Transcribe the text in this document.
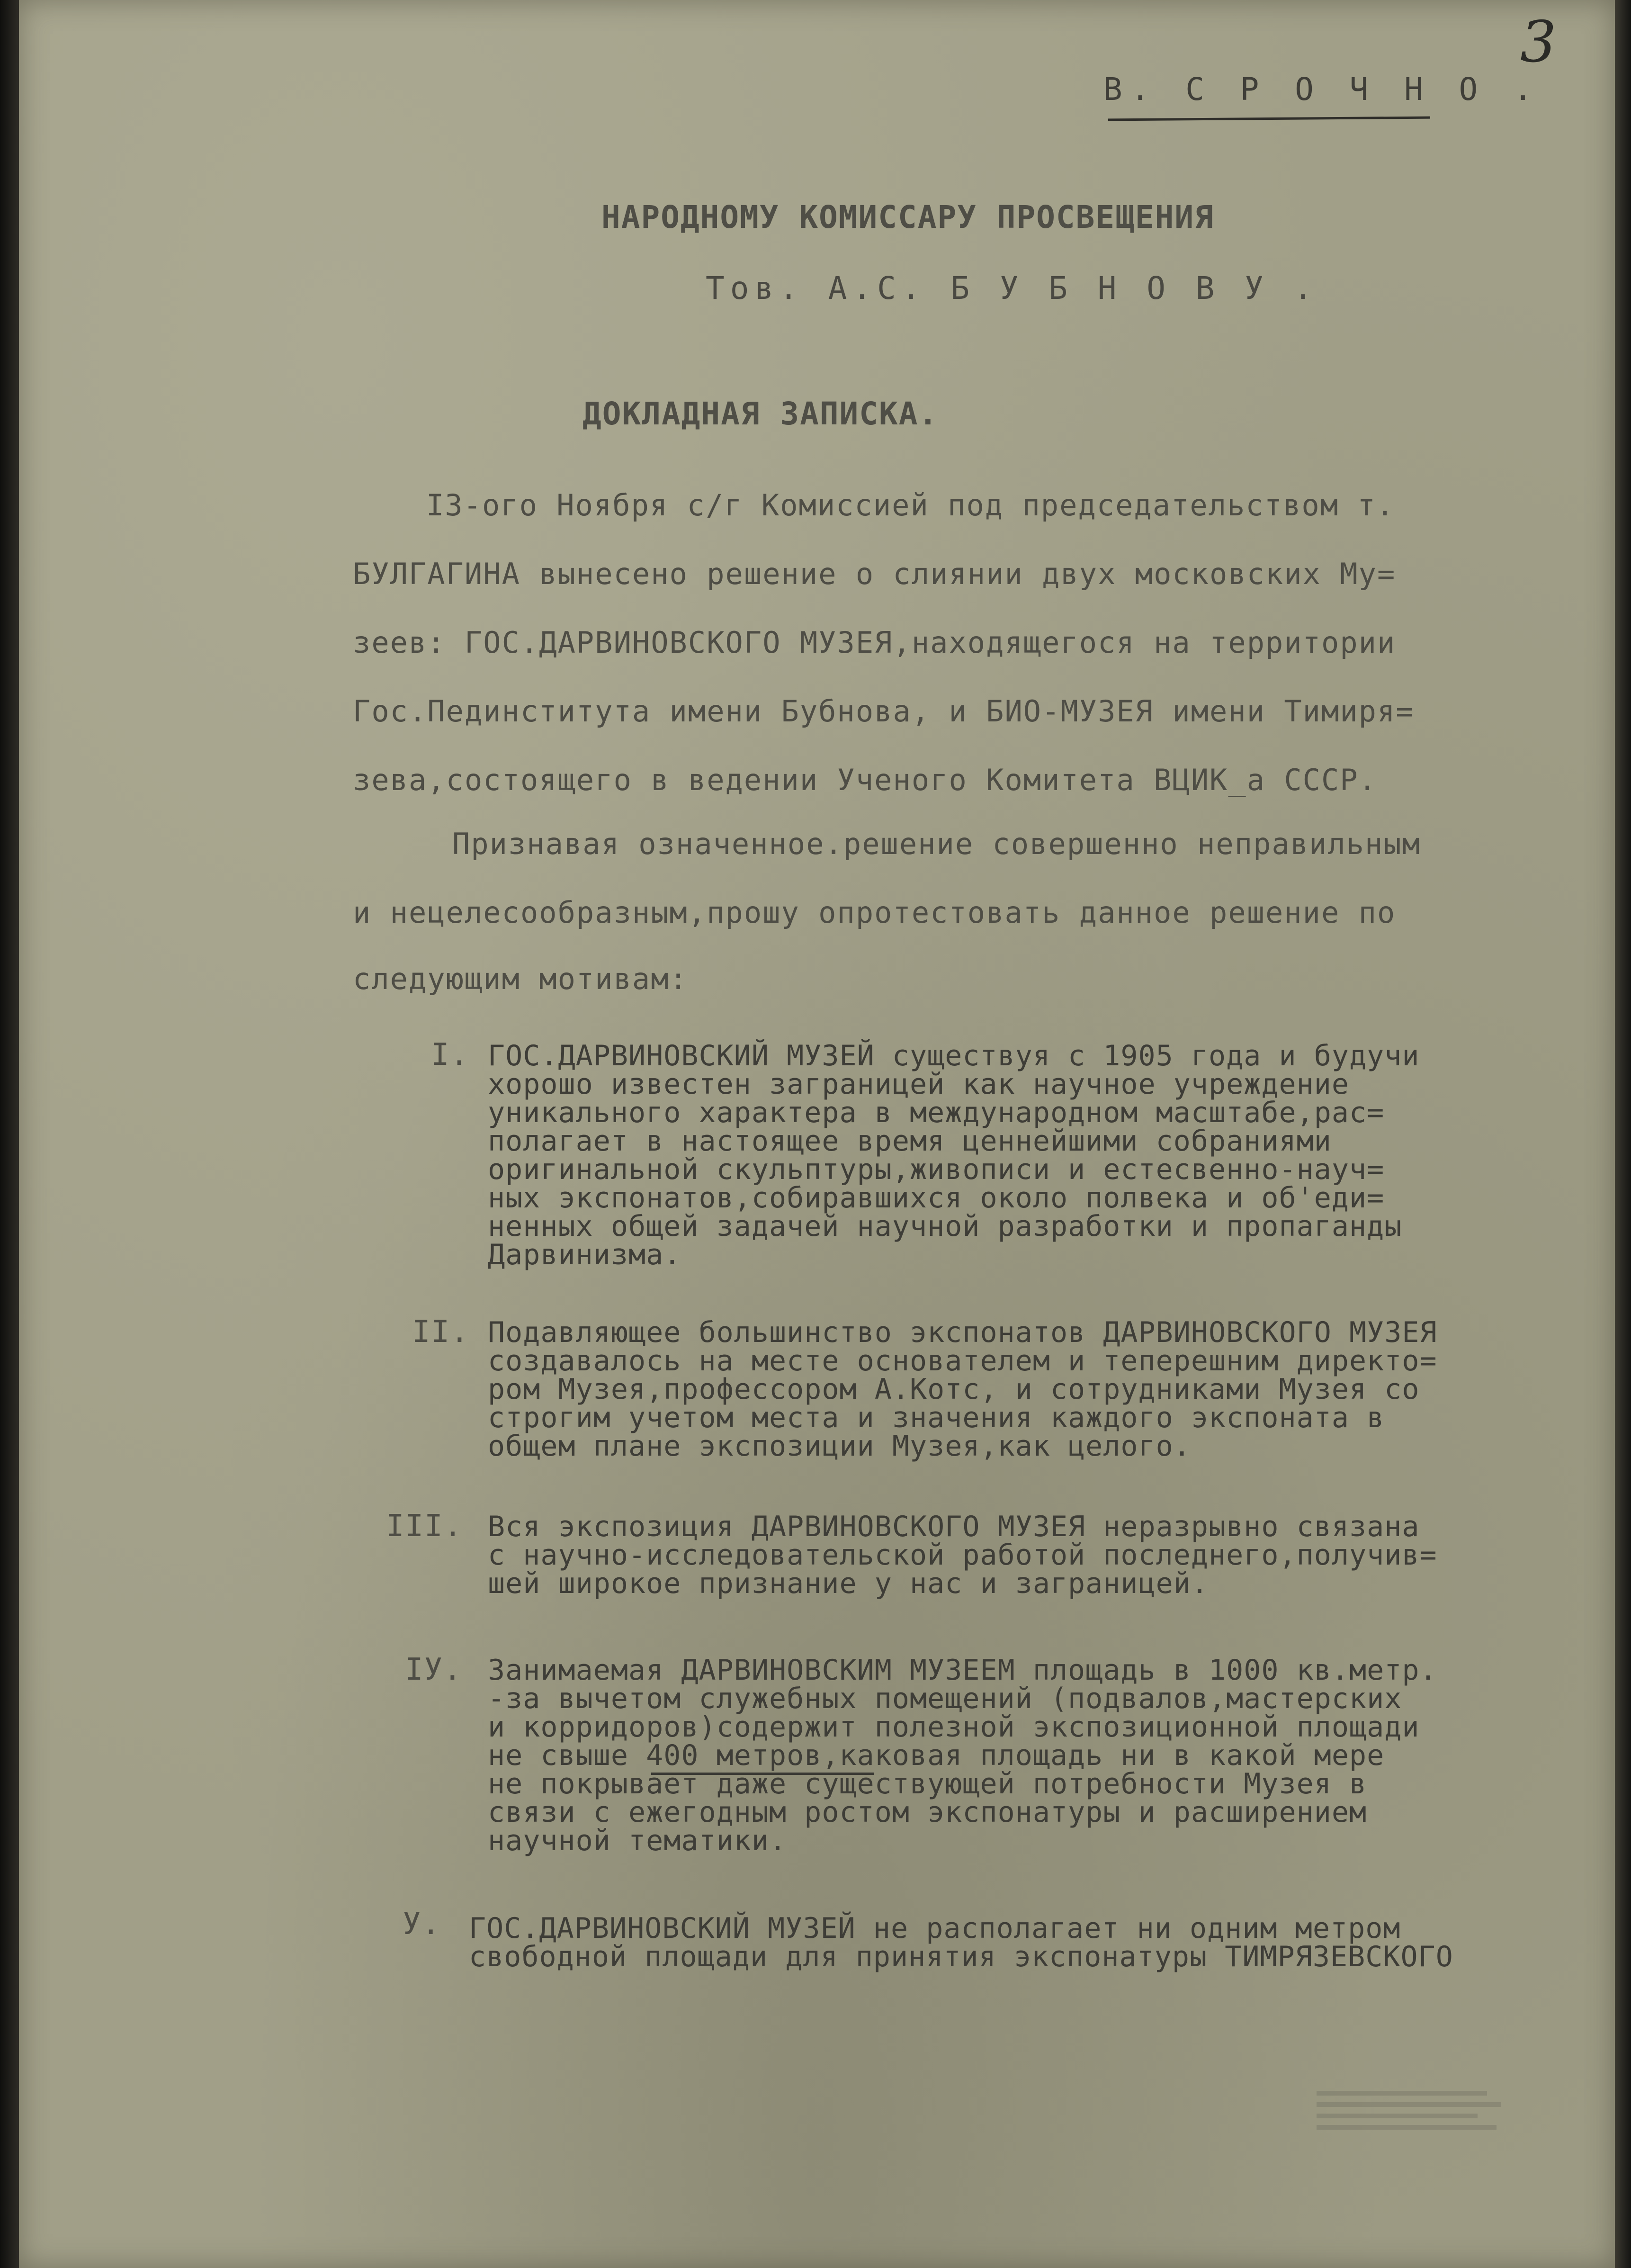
3
В. С Р О Ч Н О .
НАРОДНОМУ КОМИССАРУ ПРОСВЕЩЕНИЯ
Тов. А.С. Б У Б Н О В У .
ДОКЛАДНАЯ ЗАПИСКА.
I3-ого Ноября с/г Комиссией под председательством т.
БУЛГАГИНА вынесено решение о слиянии двух московских Му=
зеев: ГОС.ДАРВИНОВСКОГО МУЗЕЯ,находящегося на территории
Гос.Пединститута имени Бубнова, и БИО-МУЗЕЯ имени Тимиря=
зева,состоящего в ведении Ученого Комитета ВЦИК_а СССР.
Признавая означенное.решение совершенно неправильным
и нецелесообразным,прошу опротестовать данное решение по
следующим мотивам:
I. ГОС.ДАРВИНОВСКИЙ МУЗЕЙ существуя с 1905 года и будучи
хорошо известен заграницей как научное учреждение
уникального характера в международном масштабе,рас=
полагает в настоящее время ценнейшими собраниями
оригинальной скульптуры,живописи и естесвенно-науч=
ных экспонатов,собиравшихся около полвека и об'еди=
ненных общей задачей научной разработки и пропаганды
Дарвинизма.
II. Подавляющее большинство экспонатов ДАРВИНОВСКОГО МУЗЕЯ
создавалось на месте основателем и теперешним директо=
ром Музея,профессором А.Котс, и сотрудниками Музея со
строгим учетом места и значения каждого экспоната в
общем плане экспозиции Музея,как целого.
III. Вся экспозиция ДАРВИНОВСКОГО МУЗЕЯ неразрывно связана
с научно-исследовательской работой последнего,получив=
шей широкое признание у нас и заграницей.
IУ. Занимаемая ДАРВИНОВСКИМ МУЗЕЕМ площадь в 1000 кв.метр.
-за вычетом служебных помещений (подвалов,мастерских
и корридоров)содержит полезной экспозиционной площади
не свыше 400 метров,каковая площадь ни в какой мере
не покрывает даже существующей потребности Музея в
связи с ежегодным ростом экспонатуры и расширением
научной тематики.
У. ГОС.ДАРВИНОВСКИЙ МУЗЕЙ не располагает ни одним метром
свободной площади для принятия экспонатуры ТИМРЯЗЕВСКОГО
